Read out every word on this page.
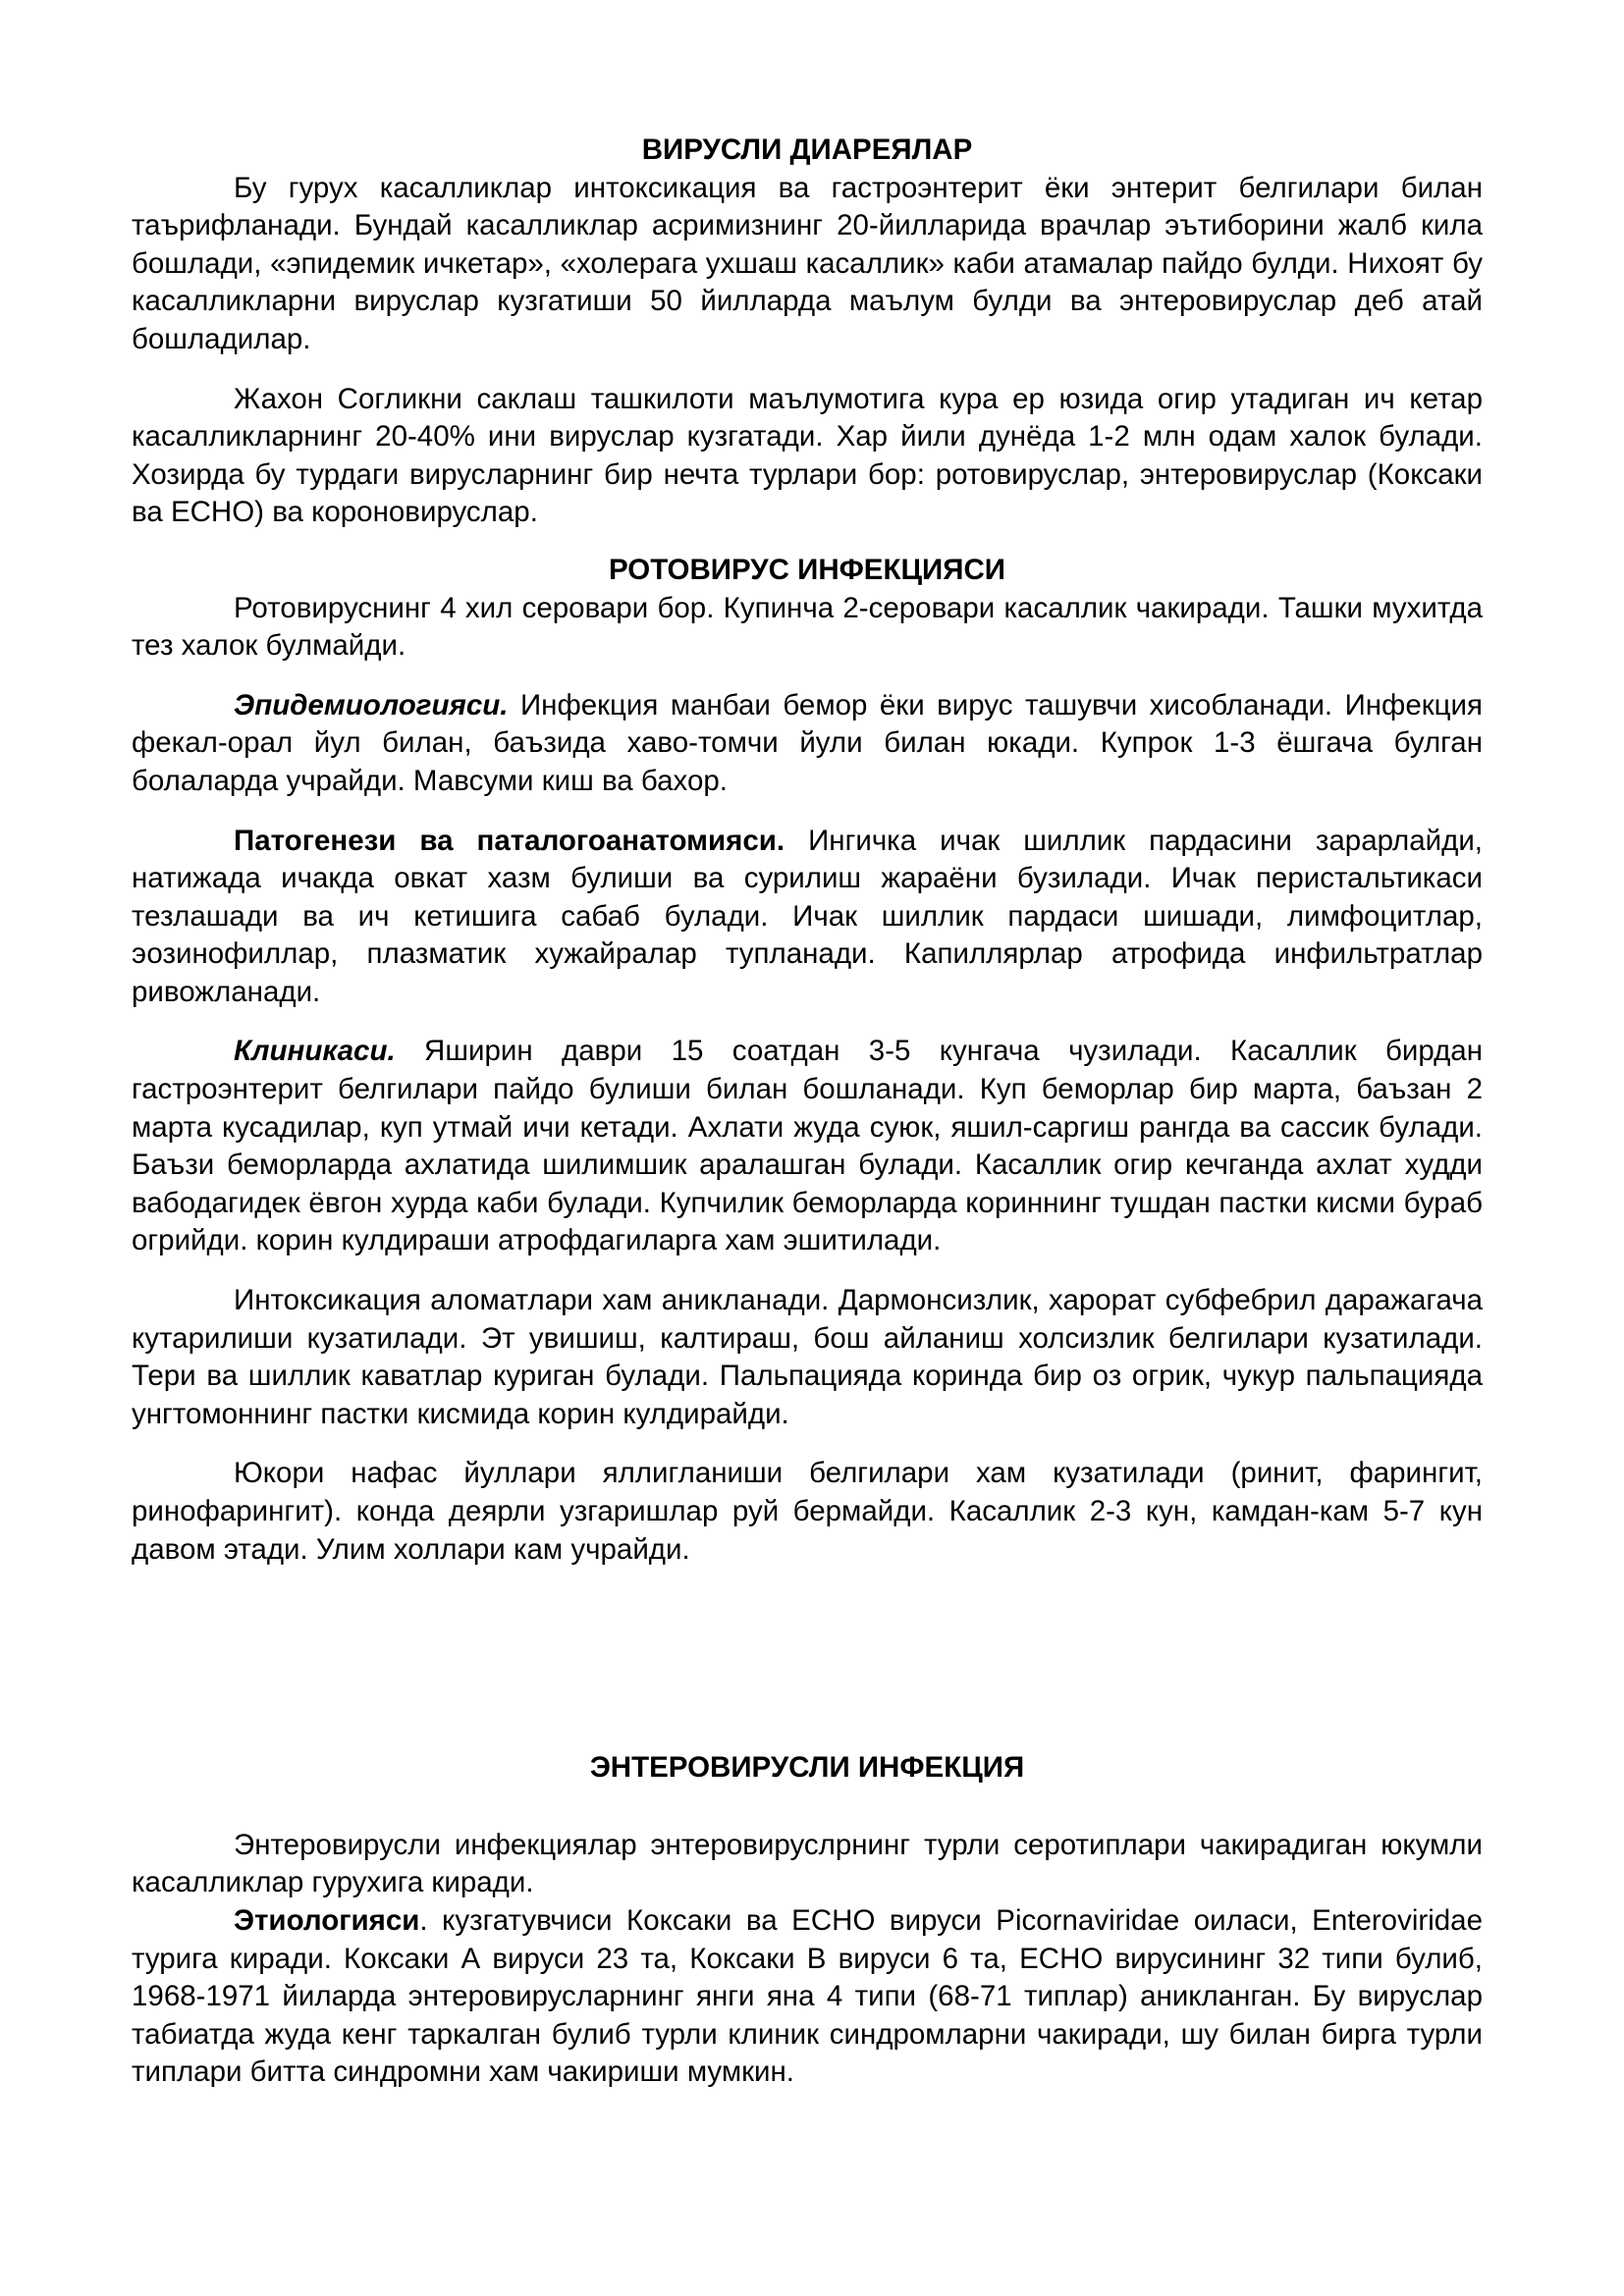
ВИРУСЛИ ДИАРЕЯЛАР

Бу гурух касалликлар интоксикация ва гастроэнтерит ёки энтерит белгилари билан таърифланади. Бундай касалликлар асримизнинг 20-йилларида врачлар эътиборини жалб кила бошлади, «эпидемик ичкетар», «холерага ухшаш касаллик» каби атамалар пайдо булди. Нихоят бу касалликларни вируслар кузгатиши 50 йилларда маълум булди ва энтеровируслар деб атай бошладилар.

Жахон Согликни саклаш ташкилоти маълумотига кура ер юзида огир утадиган ич кетар касалликларнинг 20-40% ини вируслар кузгатади. Хар йили дунёда 1-2 млн одам халок булади. Хозирда бу турдаги вирусларнинг бир нечта турлари бор: ротовируслар, энтеровируслар (Коксаки ва ЕСНО) ва короновируслар.

РОТОВИРУС ИНФЕКЦИЯСИ

Ротовируснинг 4 хил серовари бор. Купинча 2-серовари касаллик чакиради. Ташки мухитда тез халок булмайди.

Эпидемиологияси. Инфекция манбаи бемор ёки вирус ташувчи хисобланади. Инфекция фекал-орал йул билан, баъзида хаво-томчи йули билан юкади. Купрок 1-3 ёшгача булган болаларда учрайди. Мавсуми киш ва бахор.

Патогенези ва паталогоанатомияси. Ингичка ичак шиллик пардасини зарарлайди, натижада ичакда овкат хазм булиши ва сурилиш жараёни бузилади. Ичак перистальтикаси тезлашади ва ич кетишига сабаб булади. Ичак шиллик пардаси шишади, лимфоцитлар, эозинофиллар, плазматик хужайралар тупланади. Капиллярлар атрофида инфильтратлар ривожланади.

Клиникаси. Яширин даври 15 соатдан 3-5 кунгача чузилади. Касаллик бирдан гастроэнтерит белгилари пайдо булиши билан бошланади. Куп беморлар бир марта, баъзан 2 марта кусадилар, куп утмай ичи кетади. Ахлати жуда суюк, яшил-саргиш рангда ва сассик булади. Баъзи беморларда ахлатида шилимшик аралашган булади. Касаллик огир кечганда ахлат худди вабодагидек ёвгон хурда каби булади. Купчилик беморларда кориннинг тушдан пастки кисми бураб огрийди. корин кулдираши атрофдагиларга хам эшитилади.

Интоксикация аломатлари хам аникланади. Дармонсизлик, харорат субфебрил даражагача кутарилиши кузатилади. Эт увишиш, калтираш, бош айланиш холсизлик белгилари кузатилади. Тери ва шиллик каватлар куриган булади. Пальпацияда коринда бир оз огрик, чукур пальпацияда унгтомоннинг пастки кисмида корин кулдирайди.

Юкори нафас йуллари яллигланиши белгилари хам кузатилади (ринит, фарингит, ринофарингит). конда деярли узгаришлар руй бермайди. Касаллик 2-3 кун, камдан-кам 5-7 кун давом этади. Улим холлари кам учрайди.

ЭНТЕРОВИРУСЛИ ИНФЕКЦИЯ

Энтеровирусли инфекциялар энтеровируслрнинг турли серотиплари чакирадиган юкумли касалликлар гурухига киради.

Этиологияси. кузгатувчиси Коксаки ва ЕСНО вируси Picornaviridae оиласи, Enteroviridae турига киради. Коксаки А вируси 23 та, Коксаки В вируси 6 та, ЕСНО вирусининг 32 типи булиб, 1968-1971 йиларда энтеровирусларнинг янги яна 4 типи (68-71 типлар) аникланган. Бу вируслар табиатда жуда кенг таркалган булиб турли клиник синдромларни чакиради, шу билан бирга турли типлари битта синдромни хам чакириши мумкин.
